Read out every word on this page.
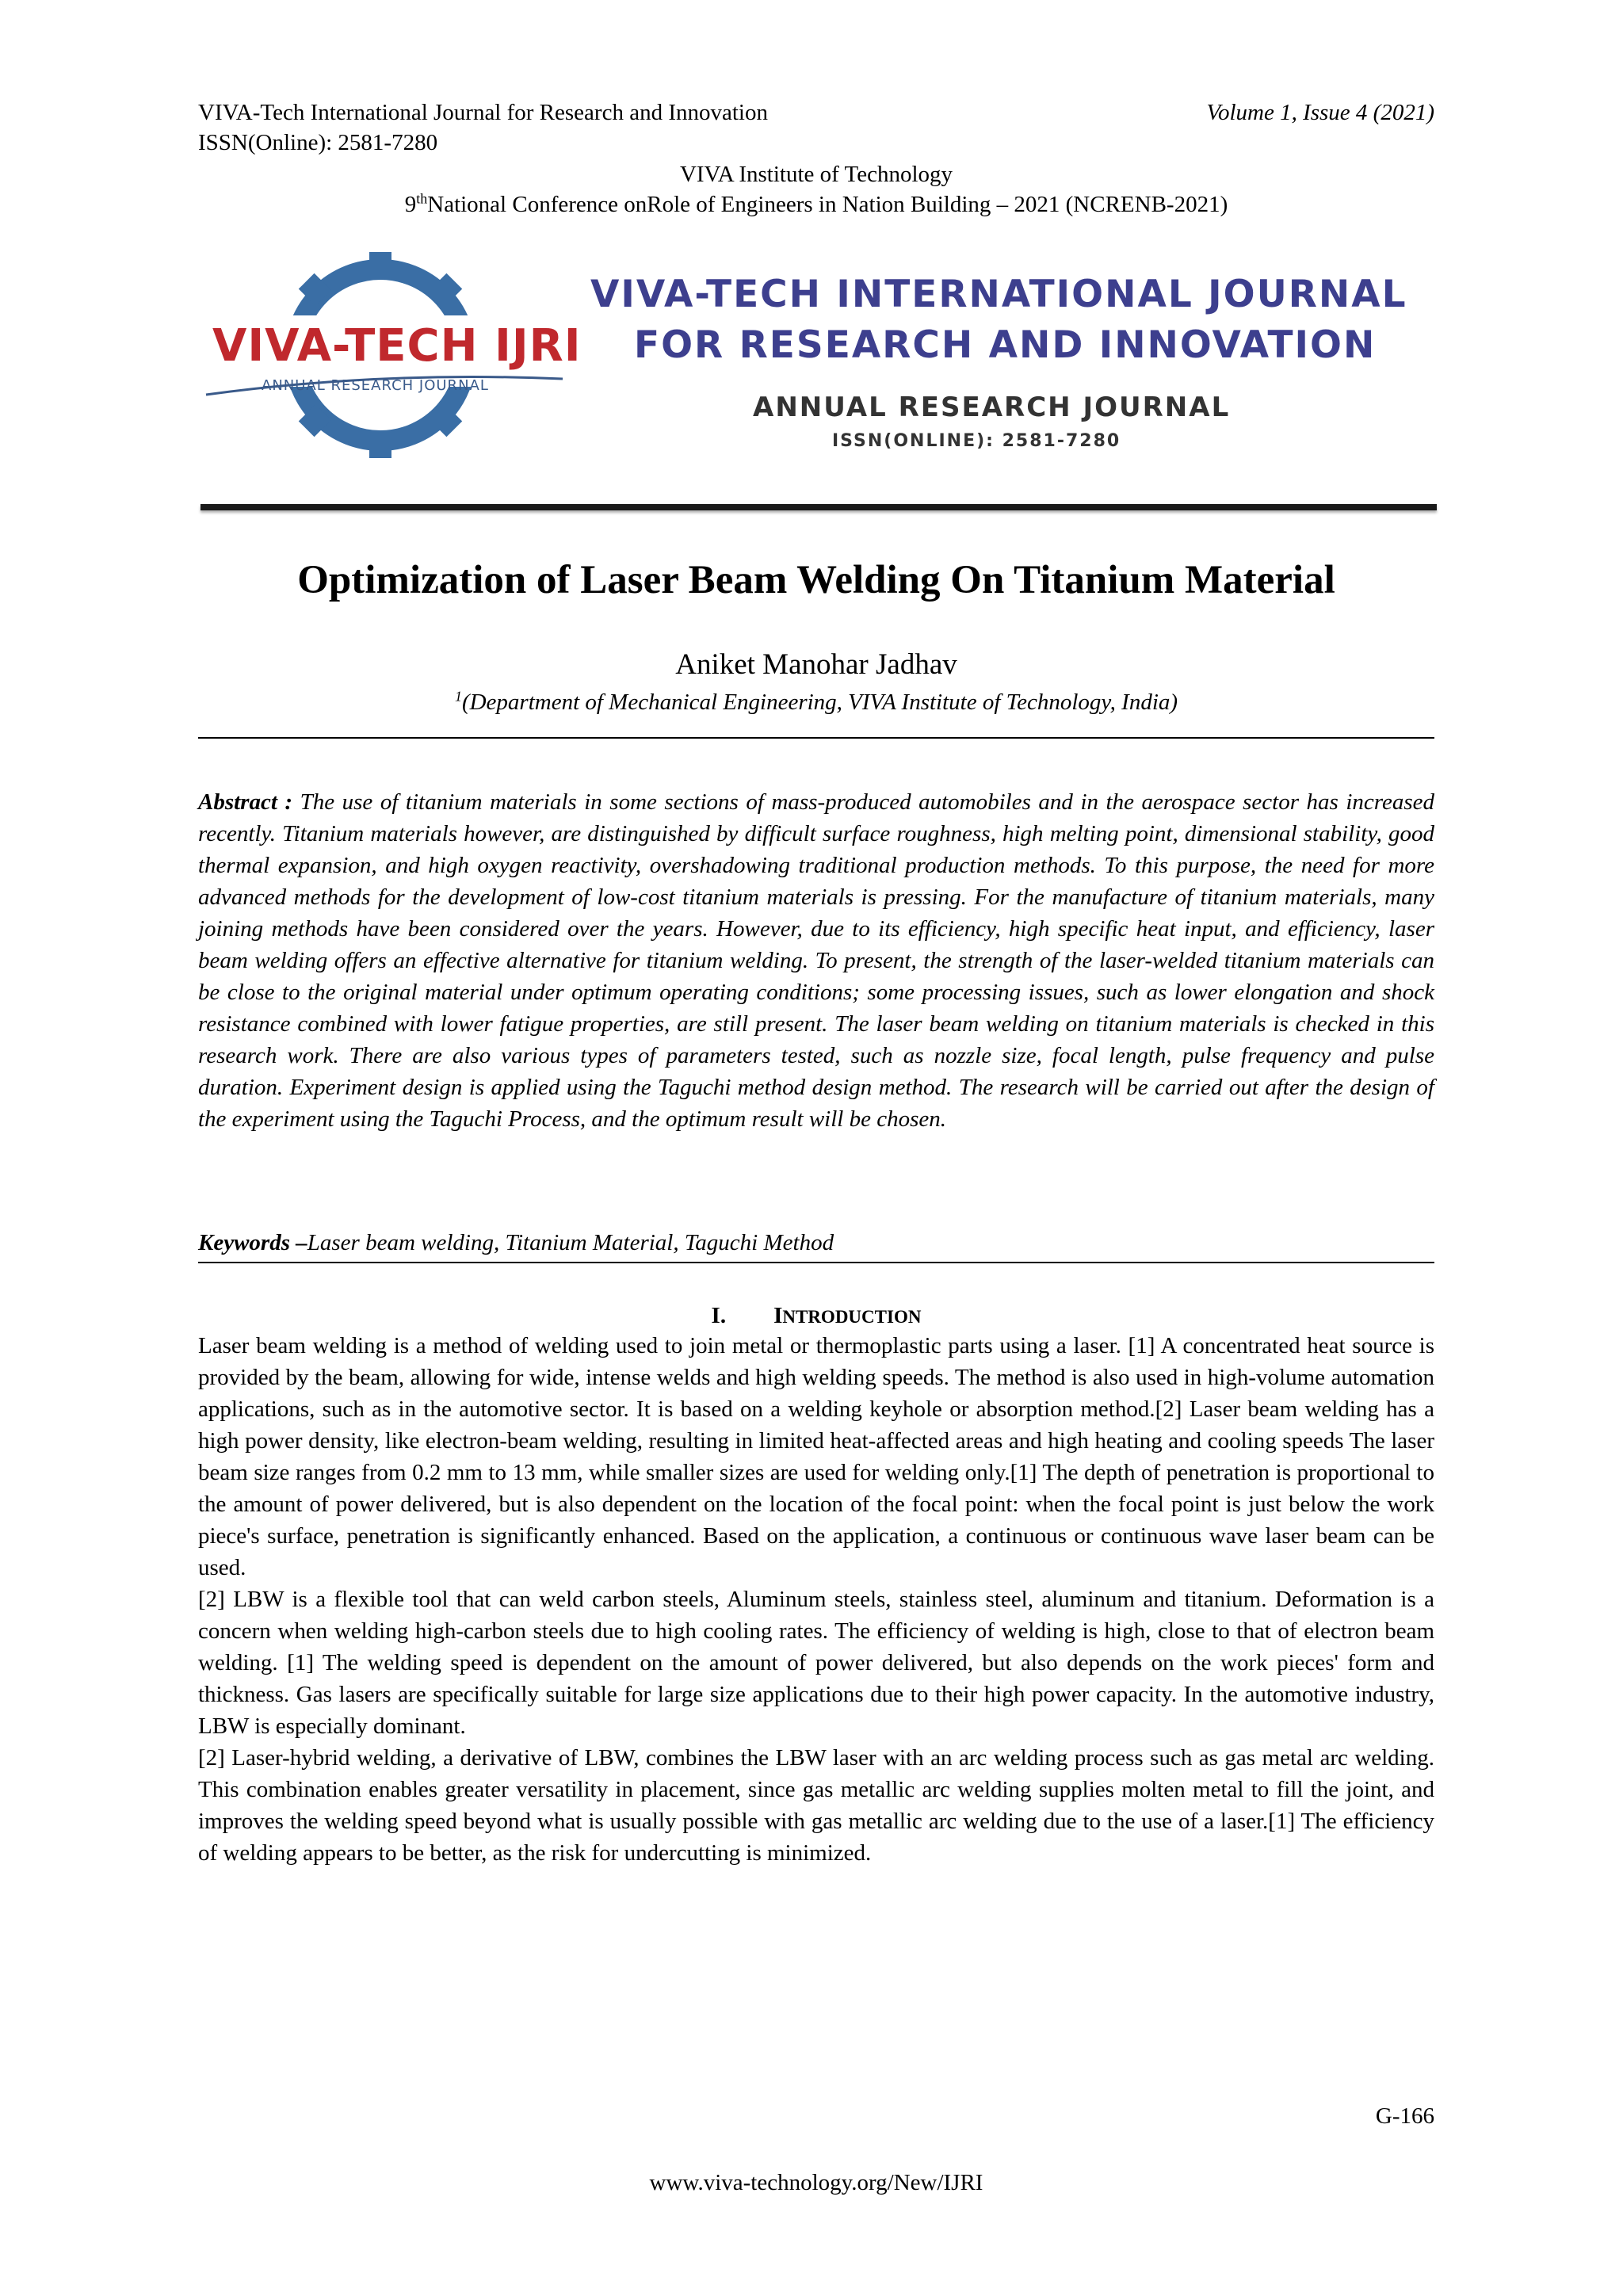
VIVA-Tech International Journal for Research and Innovation	Volume 1, Issue 4 (2021)
ISSN(Online): 2581-7280
VIVA Institute of Technology
9thNational Conference onRole of Engineers in Nation Building – 2021 (NCRENB-2021)
VIVA-TECH IJRI
ANNUAL RESEARCH JOURNAL
VIVA-TECH INTERNATIONAL JOURNAL
FOR RESEARCH AND INNOVATION
ANNUAL RESEARCH JOURNAL
ISSN(ONLINE): 2581-7280
Optimization of Laser Beam Welding On Titanium Material
Aniket Manohar Jadhav
$^1$(Department of Mechanical Engineering, VIVA Institute of Technology, India)
Abstract : The use of titanium materials in some sections of mass-produced automobiles and in the aerospace sector has increased recently. Titanium materials however, are distinguished by difficult surface roughness, high melting point, dimensional stability, good thermal expansion, and high oxygen reactivity, overshadowing traditional production methods. To this purpose, the need for more advanced methods for the development of low-cost titanium materials is pressing. For the manufacture of titanium materials, many joining methods have been considered over the years. However, due to its efficiency, high specific heat input, and efficiency, laser beam welding offers an effective alternative for titanium welding. To present, the strength of the laser-welded titanium materials can be close to the original material under optimum operating conditions; some processing issues, such as lower elongation and shock resistance combined with lower fatigue properties, are still present. The laser beam welding on titanium materials is checked in this research work. There are also various types of parameters tested, such as nozzle size, focal length, pulse frequency and pulse duration. Experiment design is applied using the Taguchi method design method. The research will be carried out after the design of the experiment using the Taguchi Process, and the optimum result will be chosen.
Keywords –Laser beam welding, Titanium Material, Taguchi Method
I. INTRODUCTION

Laser beam welding is a method of welding used to join metal or thermoplastic parts using a laser. [1] A concentrated heat source is provided by the beam, allowing for wide, intense welds and high welding speeds. The method is also used in high-volume automation applications, such as in the automotive sector. It is based on a welding keyhole or absorption method.[2] Laser beam welding has a high power density, like electron-beam welding, resulting in limited heat-affected areas and high heating and cooling speeds The laser beam size ranges from 0.2 mm to 13 mm, while smaller sizes are used for welding only.[1] The depth of penetration is proportional to the amount of power delivered, but is also dependent on the location of the focal point: when the focal point is just below the work piece's surface, penetration is significantly enhanced. Based on the application, a continuous or continuous wave laser beam can be used.

[2] LBW is a flexible tool that can weld carbon steels, Aluminum steels, stainless steel, aluminum and titanium. Deformation is a concern when welding high-carbon steels due to high cooling rates. The efficiency of welding is high, close to that of electron beam welding. [1] The welding speed is dependent on the amount of power delivered, but also depends on the work pieces' form and thickness. Gas lasers are specifically suitable for large size applications due to their high power capacity. In the automotive industry, LBW is especially dominant.

[2] Laser-hybrid welding, a derivative of LBW, combines the LBW laser with an arc welding process such as gas metal arc welding. This combination enables greater versatility in placement, since gas metallic arc welding supplies molten metal to fill the joint, and improves the welding speed beyond what is usually possible with gas metallic arc welding due to the use of a laser.[1] The efficiency of welding appears to be better, as the risk for undercutting is minimized.

G-166
www.viva-technology.org/New/IJRI
